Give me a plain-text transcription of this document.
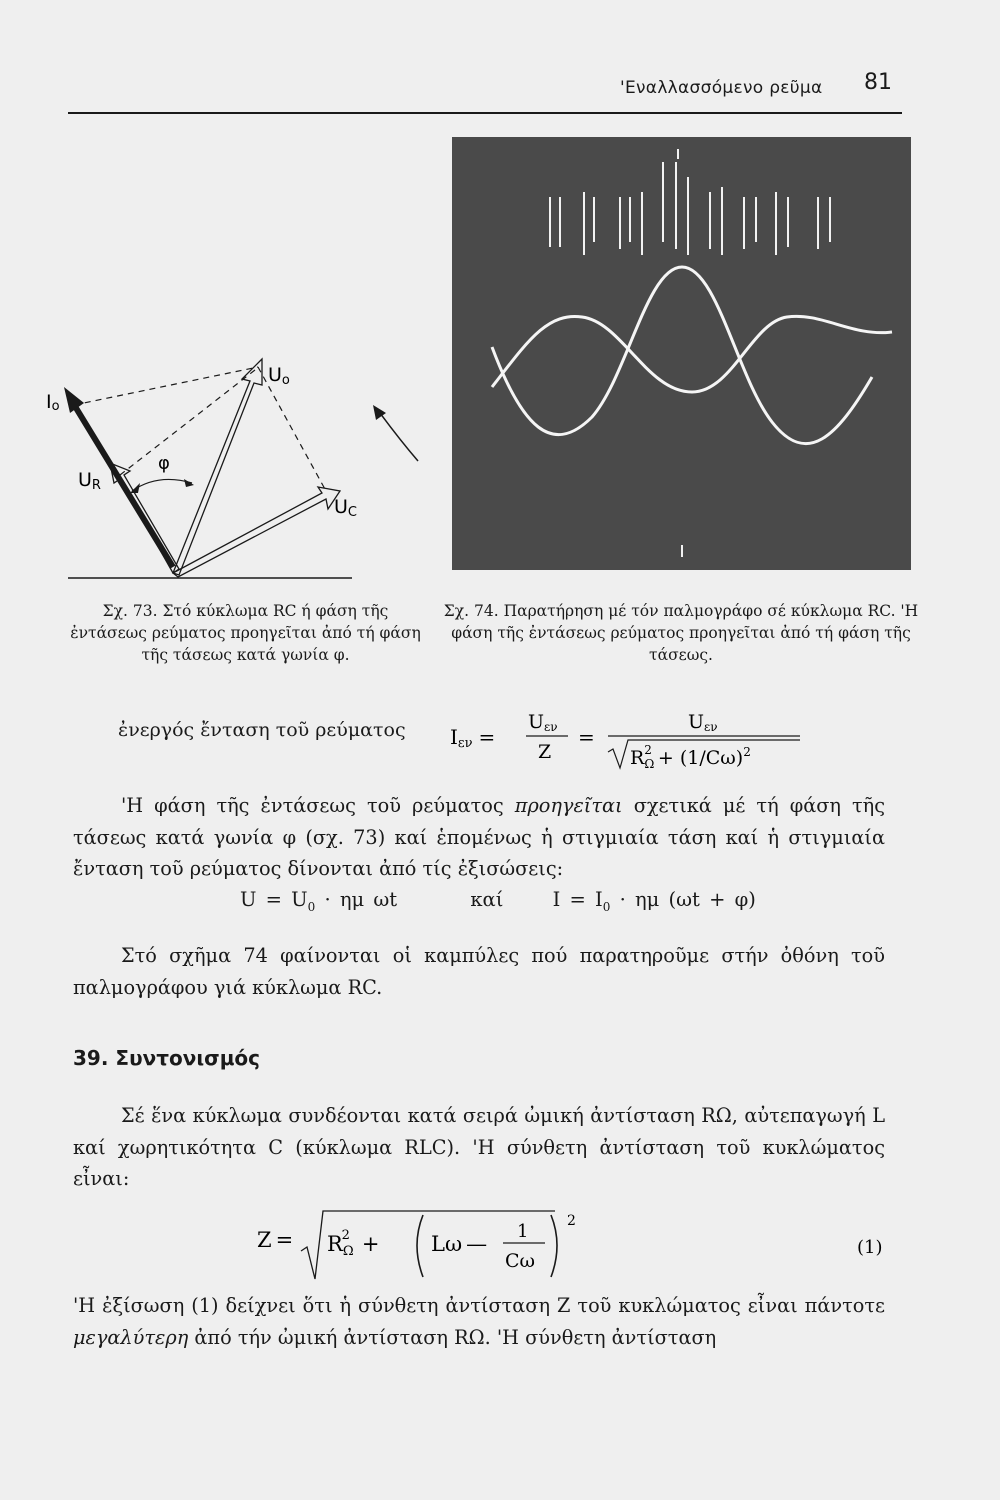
'Εναλλασσόμενο ρεῦμα 81
Io
Uo
UR
UC
φ
Σχ. 73. Στό κύκλωμα RC ή φάση τῆς ἐντάσεως ρεύματος προηγεῖται ἀπό τή φάση τῆς τάσεως κατά γωνία φ.
Σχ. 74. Παρατήρηση μέ τόν παλμογράφο σέ κύκλωμα RC. 'Η φάση τῆς ἐντάσεως ρεύματος προηγεῖται ἀπό τή φάση τῆς τάσεως.
ἐνεργός ἔνταση τοῦ ρεύματος Iεν =
Uεν
Z
=
Uεν
$R_\Omega 2 + (1/C\omega)^2$
'Η φάση τῆς ἐντάσεως τοῦ ρεύματος προηγεῖται σχετικά μέ τή φάση τῆς τάσεως κατά γωνία φ (σχ. 73) καί ἑπομένως ἡ στιγμιαία τάση καί ἡ στιγμιαία ἔνταση τοῦ ρεύματος δίνονται ἀπό τίς ἐξισώσεις:
$U = U_0 \cdot \eta\mu$ ωt	καί	$I = I_0 \cdot \eta\mu$ (ωt + φ)
Στό σχῆμα 74 φαίνονται οἱ καμπύλες πού παρατηροῦμε στήν ὀθόνη τοῦ παλμογράφου γιά κύκλωμα RC.
39. Συντονισμός
Σέ ἕνα κύκλωμα συνδέονται κατά σειρά ὠμική ἀντίσταση RΩ, αὐτεπαγωγή L καί χωρητικότητα C (κύκλωμα RLC). 'Η σύνθετη ἀντίσταση τοῦ κυκλώματος εἶναι:
Z = RΩ2 + Lω —
1
Cω
2
(1)
'Η ἐξίσωση (1) δείχνει ὅτι ἡ σύνθετη ἀντίσταση Z τοῦ κυκλώματος εἶναι πάντοτε μεγαλύτερη ἀπό τήν ὠμική ἀντίσταση RΩ. 'Η σύνθετη ἀντίσταση
